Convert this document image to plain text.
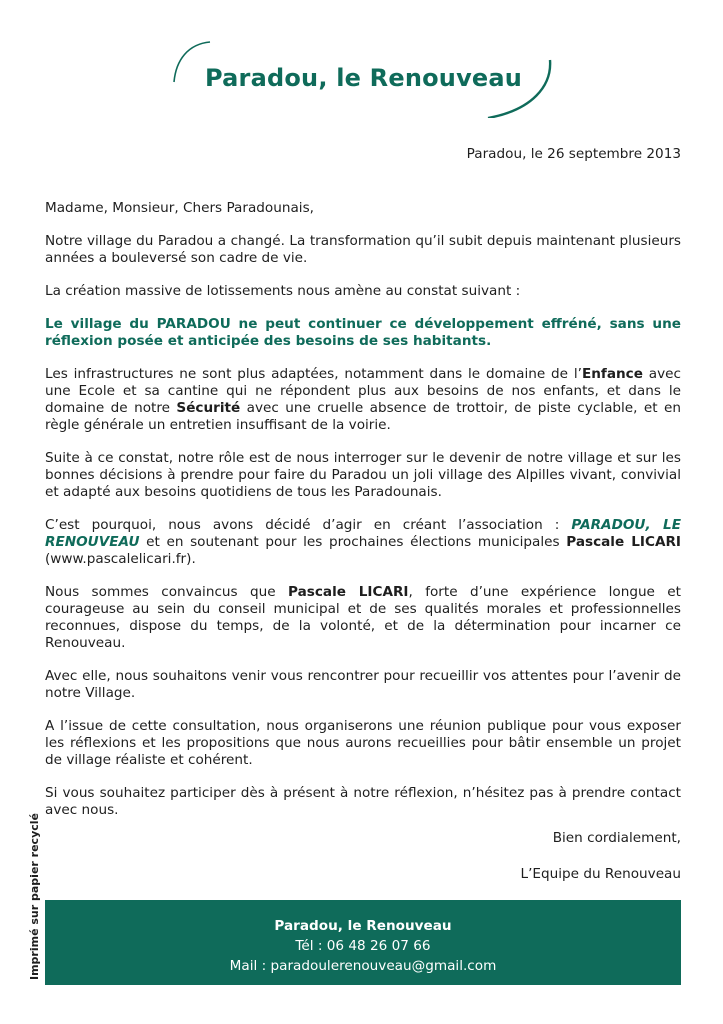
Paradou, le Renouveau
Paradou, le 26 septembre 2013

Madame, Monsieur, Chers Paradounais,

Notre village du Paradou a changé. La transformation qu’il subit depuis maintenant plusieurs années a bouleversé son cadre de vie.

La création massive de lotissements nous amène au constat suivant :

Le village du PARADOU ne peut continuer ce développement effréné, sans une réflexion posée et anticipée des besoins de ses habitants.

Les infrastructures ne sont plus adaptées, notamment dans le domaine de l’Enfance avec une Ecole et sa cantine qui ne répondent plus aux besoins de nos enfants, et dans le domaine de notre Sécurité avec une cruelle absence de trottoir, de piste cyclable, et en règle générale un entretien insuffisant de la voirie.

Suite à ce constat, notre rôle est de nous interroger sur le devenir de notre village et sur les bonnes décisions à prendre pour faire du Paradou un joli village des Alpilles vivant, convivial et adapté aux besoins quotidiens de tous les Paradounais.

C’est pourquoi, nous avons décidé d’agir en créant l’association : PARADOU, LE RENOUVEAU et en soutenant pour les prochaines élections municipales Pascale LICARI (www.pascalelicari.fr).

Nous sommes convaincus que Pascale LICARI, forte d’une expérience longue et courageuse au sein du conseil municipal et de ses qualités morales et professionnelles reconnues, dispose du temps, de la volonté, et de la détermination pour incarner ce Renouveau.

Avec elle, nous souhaitons venir vous rencontrer pour recueillir vos attentes pour l’avenir de notre Village.

A l’issue de cette consultation, nous organiserons une réunion publique pour vous exposer les réflexions et les propositions que nous aurons recueillies pour bâtir ensemble un projet de village réaliste et cohérent.

Si vous souhaitez participer dès à présent à notre réflexion, n’hésitez pas à prendre contact avec nous.

Bien cordialement,
L’Equipe du Renouveau
Imprimé sur papier recyclé	Paradou, le Renouveau
Tél : 06 48 26 07 66
Mail : paradoulerenouveau@gmail.com
